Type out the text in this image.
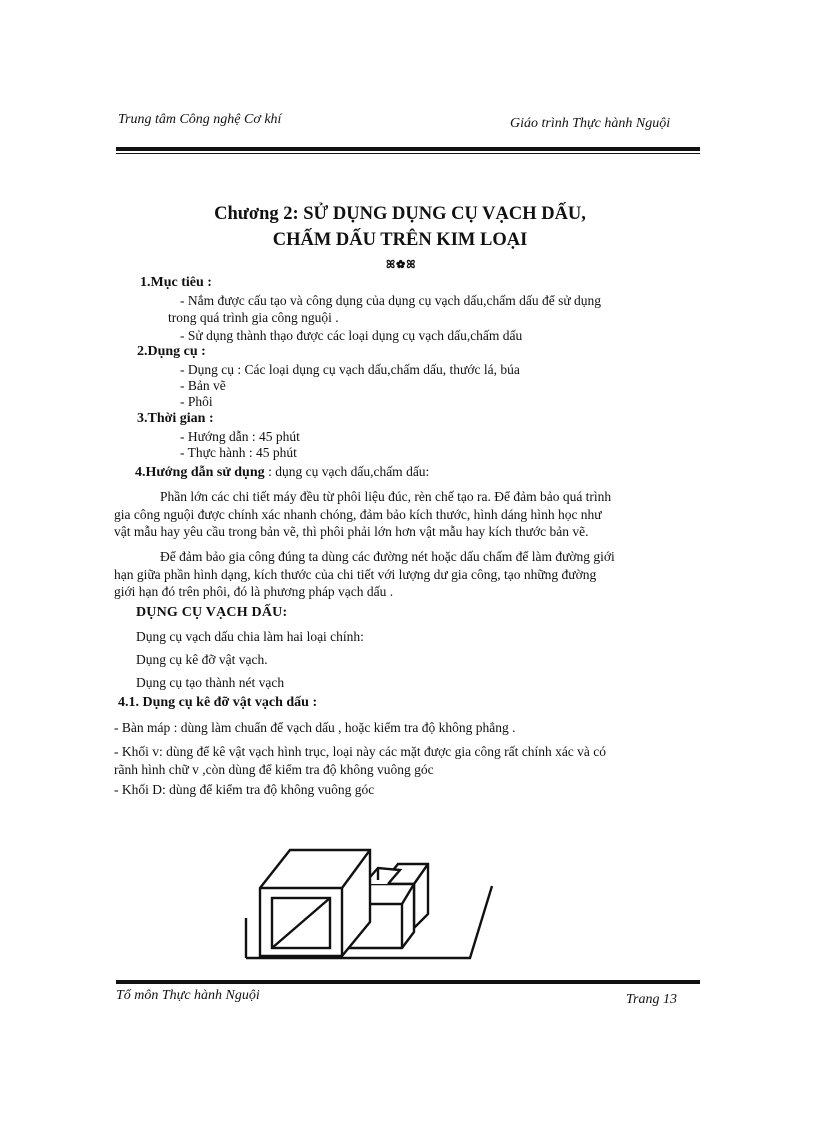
Trung tâm Công nghệ Cơ khí	Giáo trình Thực hành Nguội
Chương 2: SỬ DỤNG DỤNG CỤ VẠCH DẤU,
CHẤM DẤU TRÊN KIM LOẠI
ꕤ✿ꕤ
1.Mục tiêu :
- Nắm được cấu tạo và công dụng của dụng cụ vạch dấu,chấm dấu để sử dụng
trong quá trình gia công nguội .
- Sử dụng thành thạo được các loại dụng cụ vạch dấu,chấm dấu
2.Dụng cụ :
- Dụng cụ : Các loại dụng cụ vạch dấu,chấm dấu, thước lá, búa
- Bản vẽ
- Phôi
3.Thời gian :
- Hướng dẫn : 45 phút
- Thực hành : 45 phút
4.Hướng dẫn sử dụng : dụng cụ vạch dấu,chấm dấu:
Phần lớn các chi tiết máy đều từ phôi liệu đúc, rèn chế tạo ra. Để đảm bảo quá trình
gia công nguội được chính xác nhanh chóng, đảm bảo kích thước, hình dáng hình học như
vật mẫu hay yêu cầu trong bản vẽ, thì phôi phải lớn hơn vật mẫu hay kích thước bản vẽ.
Để đảm bảo gia công đúng ta dùng các đường nét hoặc dấu chấm để làm đường giới
hạn giữa phần hình dạng, kích thước của chi tiết với lượng dư gia công, tạo những đường
giới hạn đó trên phôi, đó là phương pháp vạch dấu .
DỤNG CỤ VẠCH DẤU:
Dụng cụ vạch dấu chia làm hai loại chính:
Dụng cụ kê đỡ vật vạch.
Dụng cụ tạo thành nét vạch
4.1. Dụng cụ kê đỡ vật vạch dấu :
- Bàn máp : dùng làm chuẩn để vạch dấu , hoặc kiểm tra độ không phẳng .
- Khối v: dùng để kê vật vạch hình trục, loại này các mặt được gia công rất chính xác và có
rãnh hình chữ v ,còn dùng để kiểm tra độ không vuông góc
- Khối D: dùng để kiểm tra độ không vuông góc
Tổ môn Thực hành Nguội	Trang 13
